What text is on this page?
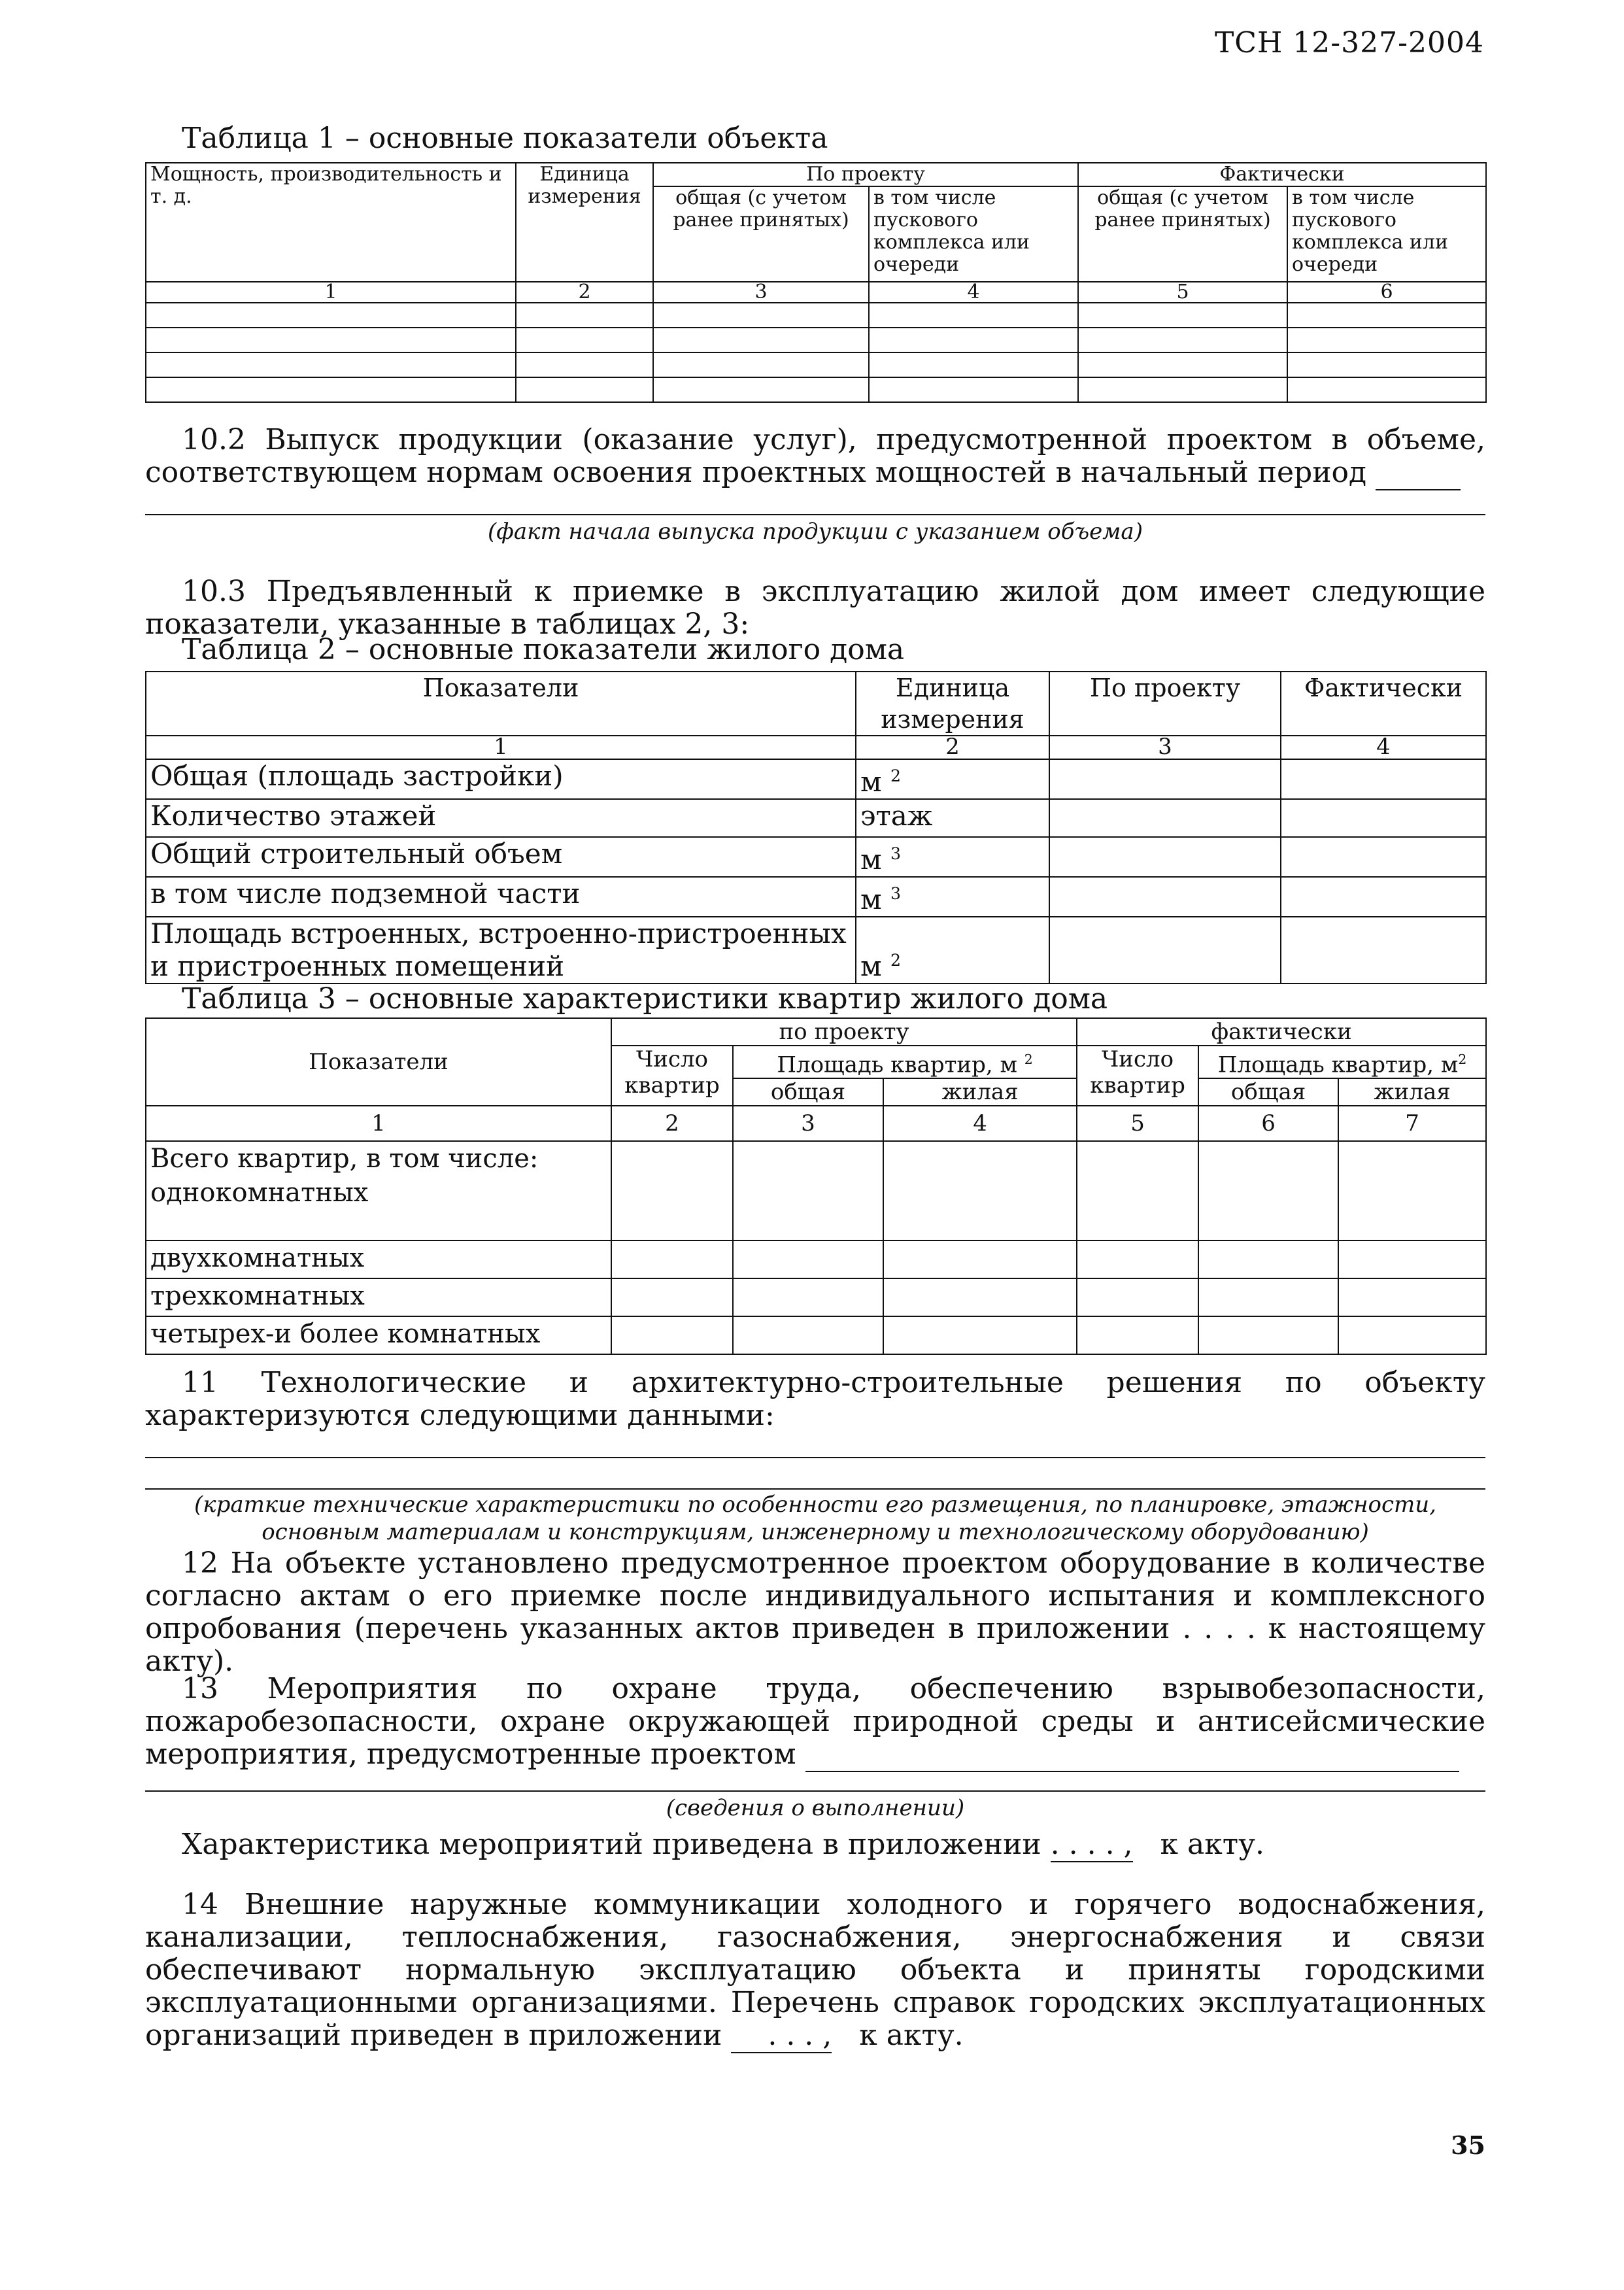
ТСН 12-327-2004
Таблица 1 – основные показатели объекта
Мощность, производительность и т. д.	Единица измерения	По проекту		Фактически	
		общая (с учетом ранее принятых)	в том числе пускового комплекса или очереди	общая (с учетом ранее принятых)	в том числе пускового комплекса или очереди
1	2	3	4	5	6

10.2 Выпуск продукции (оказание услуг), предусмотренной проектом в объеме, соответствующем нормам освоения проектных мощностей в начальный период
(факт начала выпуска продукции с указанием объема)
10.3 Предъявленный к приемке в эксплуатацию жилой дом имеет следующие показатели, указанные в таблицах 2, 3:
Таблица 2 – основные показатели жилого дома
Показатели	Единица измерения	По проекту	Фактически
1	2	3	4
Общая (площадь застройки)	м $^2$		
Количество этажей	этаж		
Общий строительный объем	м $^3$		
в том числе подземной части	м $^3$		
Площадь встроенных, встроенно-пристроенных и пристроенных помещений	м $^2$		
Таблица 3 – основные характеристики квартир жилого дома
Показатели	по проекту			фактически		
	Число квартир	Площадь квартир, м $^2$		Число квартир	Площадь квартир, $м^2$
		общая	жилая		общая	жилая
1	2	3	4	5	6	7
Всего квартир, в том числе: однокомнатных						
двухкомнатных						
трехкомнатных						
четырех-и более комнатных						
11 Технологические и архитектурно-строительные решения по объекту характеризуются следующими данными:
(краткие технические характеристики по особенности его размещения, по планировке, этажности, основным материалам и конструкциям, инженерному и технологическому оборудованию)
12 На объекте установлено предусмотренное проектом оборудование в количестве согласно актам о его приемке после индивидуального испытания и комплексного опробования (перечень указанных актов приведен в приложении . . . . к настоящему акту).
13 Мероприятия по охране труда, обеспечению взрывобезопасности, пожаробезопасности, охране окружающей природной среды и антисейсмические мероприятия, предусмотренные проектом
(сведения о выполнении)
Характеристика мероприятий приведена в приложении . . . . , к акту.
14 Внешние наружные коммуникации холодного и горячего водоснабжения, канализации, теплоснабжения, газоснабжения, энергоснабжения и связи обеспечивают нормальную эксплуатацию объекта и приняты городскими эксплуатационными организациями. Перечень справок городских эксплуатационных организаций приведен в приложении . . . , к акту.
35
